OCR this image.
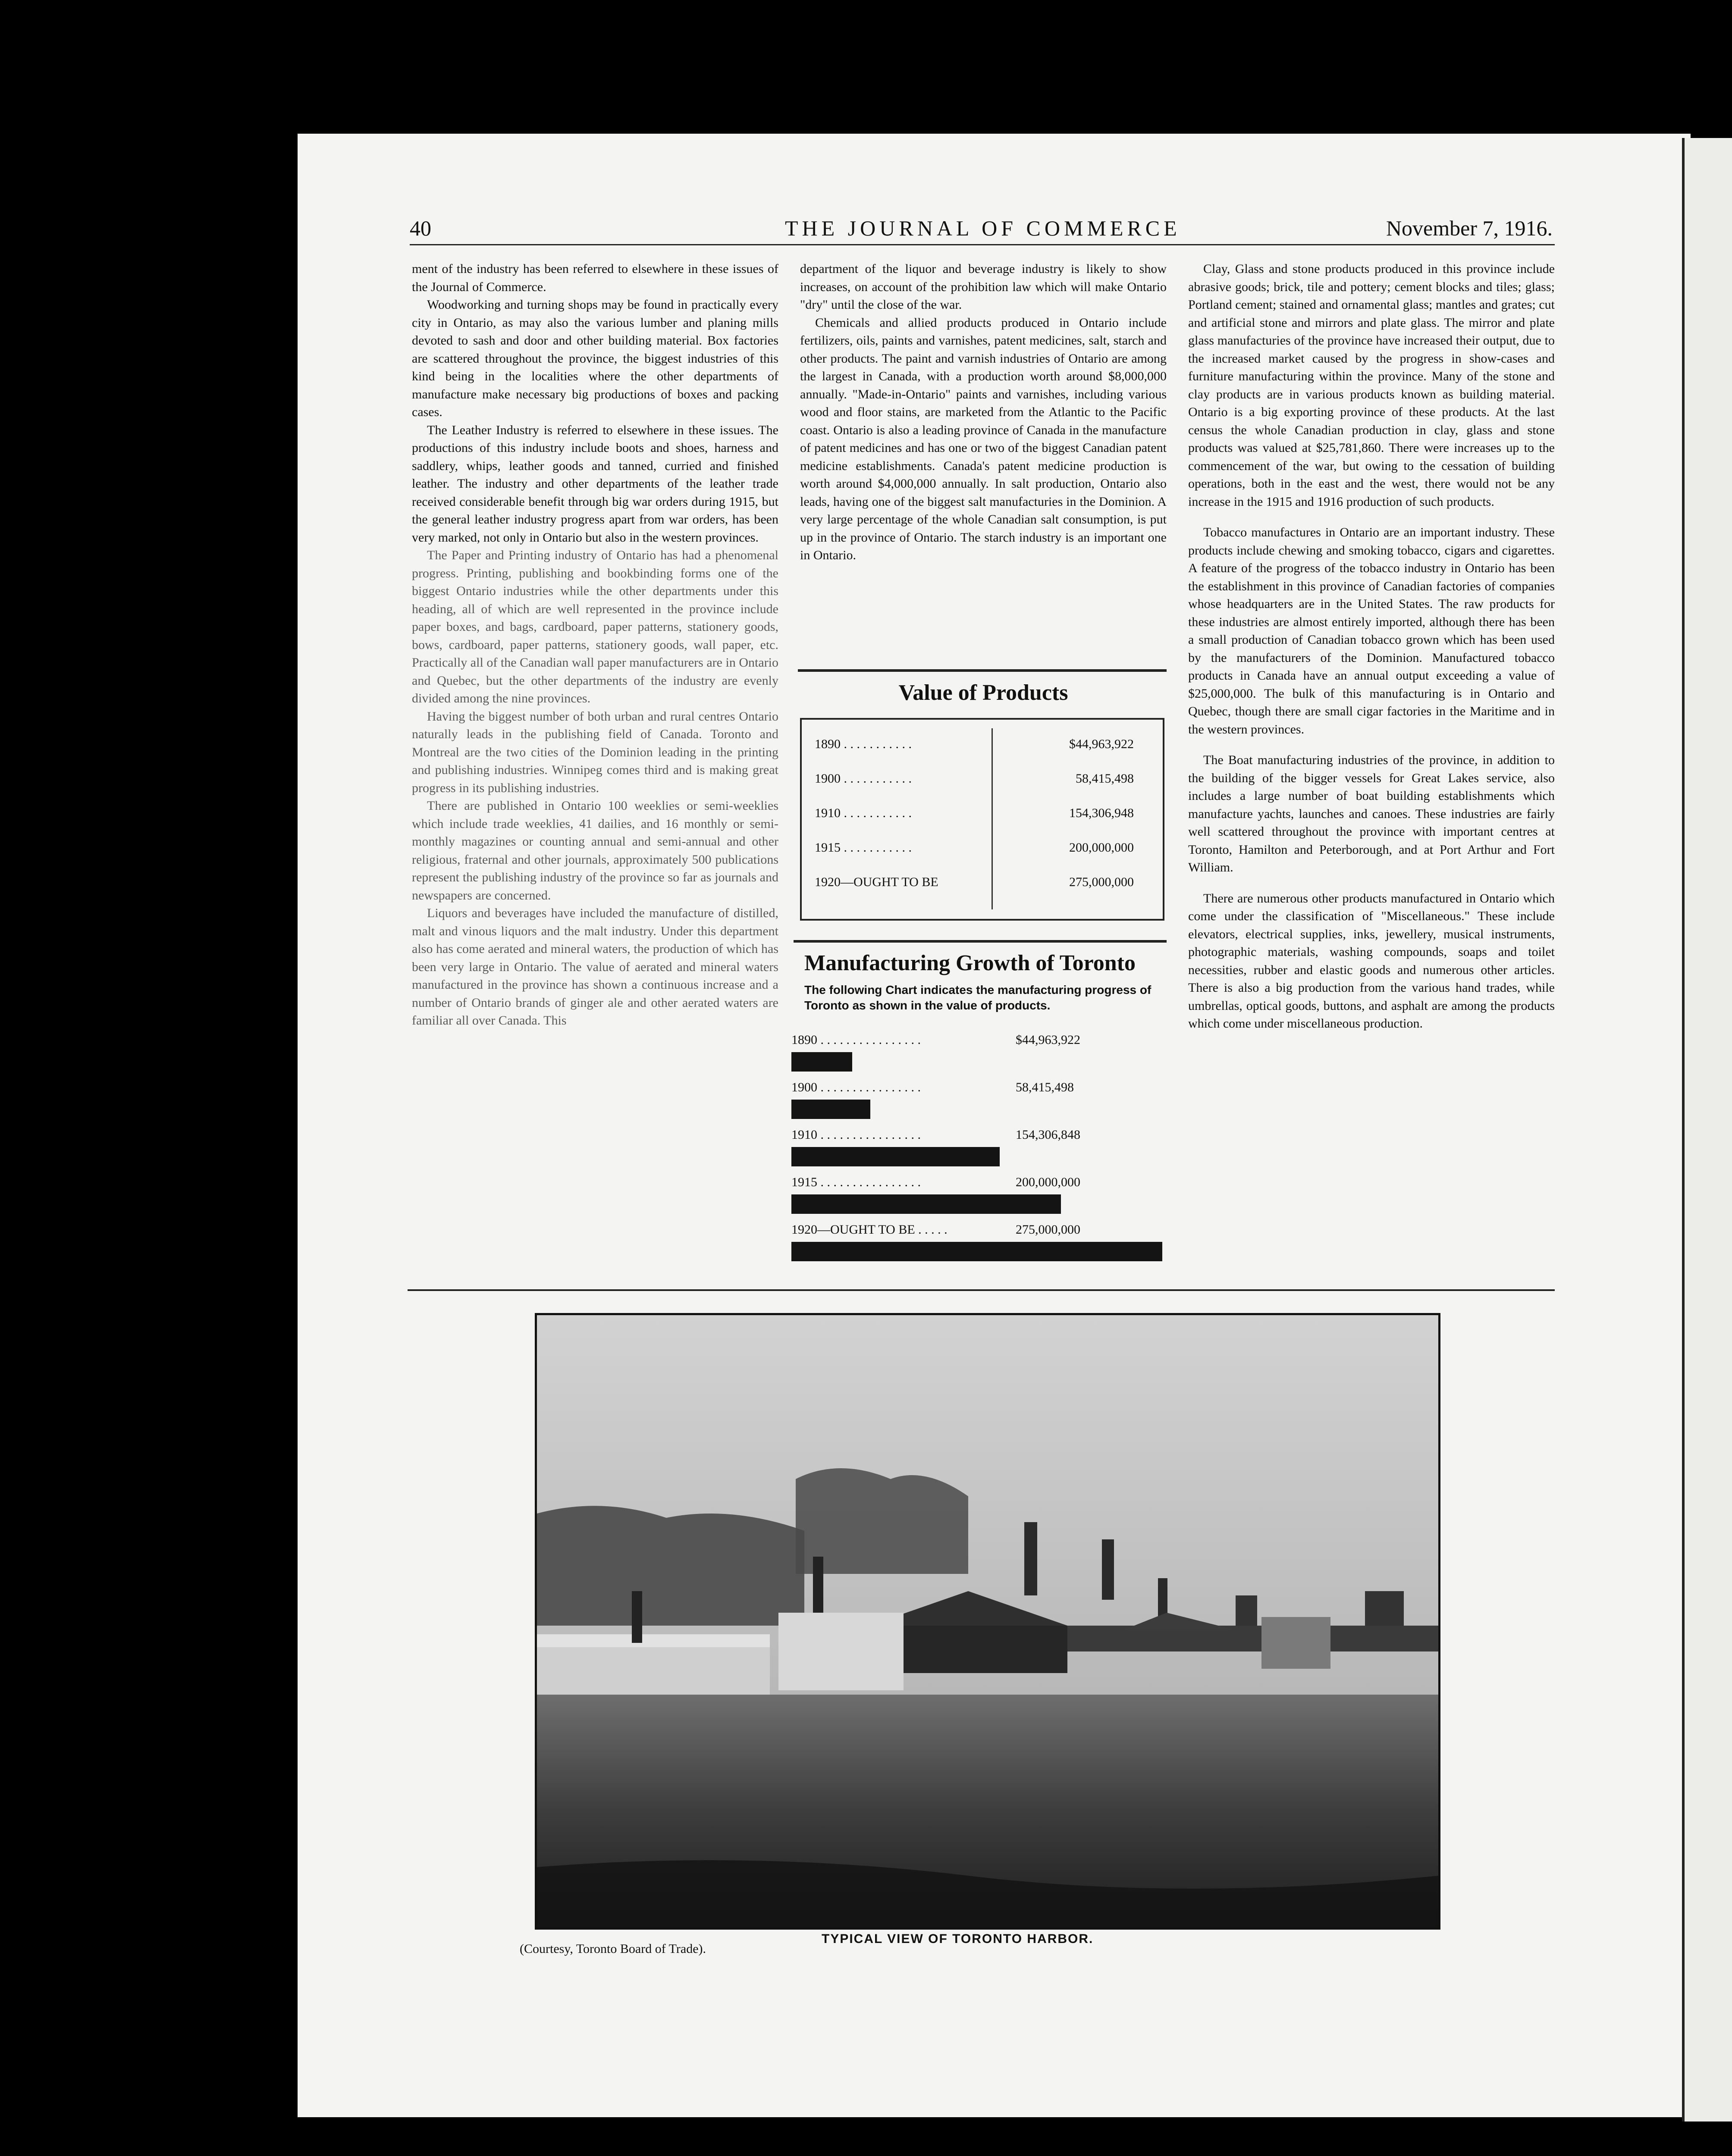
40	THE JOURNAL OF COMMERCE	November 7, 1916.

ment of the industry has been referred to elsewhere in these issues of the Journal of Commerce.

Woodworking and turning shops may be found in practically every city in Ontario, as may also the various lumber and planing mills devoted to sash and door and other building material. Box factories are scattered throughout the province, the biggest industries of this kind being in the localities where the other departments of manufacture make necessary big productions of boxes and packing cases.

The Leather Industry is referred to elsewhere in these issues. The productions of this industry include boots and shoes, harness and saddlery, whips, leather goods and tanned, curried and finished leather. The industry and other departments of the leather trade received considerable benefit through big war orders during 1915, but the general leather industry progress apart from war orders, has been very marked, not only in Ontario but also in the western provinces.

The Paper and Printing industry of Ontario has had a phenomenal progress. Printing, publishing and bookbinding forms one of the biggest Ontario industries while the other departments under this heading, all of which are well represented in the province include paper boxes, and bags, cardboard, paper patterns, stationery goods, bows, cardboard, paper patterns, stationery goods, wall paper, etc. Practically all of the Canadian wall paper manufacturers are in Ontario and Quebec, but the other departments of the industry are evenly divided among the nine provinces.

Having the biggest number of both urban and rural centres Ontario naturally leads in the publishing field of Canada. Toronto and Montreal are the two cities of the Dominion leading in the printing and publishing industries. Winnipeg comes third and is making great progress in its publishing industries.

There are published in Ontario 100 weeklies or semi-weeklies which include trade weeklies, 41 dailies, and 16 monthly or semi-monthly magazines or counting annual and semi-annual and other religious, fraternal and other journals, approximately 500 publications represent the publishing industry of the province so far as journals and newspapers are concerned.

Liquors and beverages have included the manufacture of distilled, malt and vinous liquors and the malt industry. Under this department also has come aerated and mineral waters, the production of which has been very large in Ontario. The value of aerated and mineral waters manufactured in the province has shown a continuous increase and a number of Ontario brands of ginger ale and other aerated waters are familiar all over Canada. This

department of the liquor and beverage industry is likely to show increases, on account of the prohibition law which will make Ontario "dry" until the close of the war.

Chemicals and allied products produced in Ontario include fertilizers, oils, paints and varnishes, patent medicines, salt, starch and other products. The paint and varnish industries of Ontario are among the largest in Canada, with a production worth around $8,000,000 annually. "Made-in-Ontario" paints and varnishes, including various wood and floor stains, are marketed from the Atlantic to the Pacific coast. Ontario is also a leading province of Canada in the manufacture of patent medicines and has one or two of the biggest Canadian patent medicine establishments. Canada's patent medicine production is worth around $4,000,000 annually. In salt production, Ontario also leads, having one of the biggest salt manufacturies in the Dominion. A very large percentage of the whole Canadian salt consumption, is put up in the province of Ontario. The starch industry is an important one in Ontario.

Clay, Glass and stone products produced in this province include abrasive goods; brick, tile and pottery; cement blocks and tiles; glass; Portland cement; stained and ornamental glass; mantles and grates; cut and artificial stone and mirrors and plate glass. The mirror and plate glass manufacturies of the province have increased their output, due to the increased market caused by the progress in show-cases and furniture manufacturing within the province. Many of the stone and clay products are in various products known as building material. Ontario is a big exporting province of these products. At the last census the whole Canadian production in clay, glass and stone products was valued at $25,781,860. There were increases up to the commencement of the war, but owing to the cessation of building operations, both in the east and the west, there would not be any increase in the 1915 and 1916 production of such products.

Tobacco manufactures in Ontario are an important industry. These products include chewing and smoking tobacco, cigars and cigarettes. A feature of the progress of the tobacco industry in Ontario has been the establishment in this province of Canadian factories of companies whose headquarters are in the United States. The raw products for these industries are almost entirely imported, although there has been a small production of Canadian tobacco grown which has been used by the manufacturers of the Dominion. Manufactured tobacco products in Canada have an annual output exceeding a value of $25,000,000. The bulk of this manufacturing is in Ontario and Quebec, though there are small cigar factories in the Maritime and in the western provinces.

The Boat manufacturing industries of the province, in addition to the building of the bigger vessels for Great Lakes service, also includes a large number of boat building establishments which manufacture yachts, launches and canoes. These industries are fairly well scattered throughout the province with important centres at Toronto, Hamilton and Peterborough, and at Port Arthur and Fort William.

There are numerous other products manufactured in Ontario which come under the classification of "Miscellaneous." These include elevators, electrical supplies, inks, jewellery, musical instruments, photographic materials, washing compounds, soaps and toilet necessities, rubber and elastic goods and numerous other articles. There is also a big production from the various hand trades, while umbrellas, optical goods, buttons, and asphalt are among the products which come under miscellaneous production.

Value of Products
1890 . . . . . . . . . . .	$44,963,922
1900 . . . . . . . . . . .	58,415,498
1910 . . . . . . . . . . .	154,306,948
1915 . . . . . . . . . . .	200,000,000
1920—OUGHT TO BE	275,000,000
Manufacturing Growth of Toronto
The following Chart indicates the manufacturing progress of Toronto as shown in the value of products.
1890 . . . . . . . . . . . . . . . .	$44,963,922
1900 . . . . . . . . . . . . . . . .	58,415,498
1910 . . . . . . . . . . . . . . . .	154,306,848
1915 . . . . . . . . . . . . . . . .	200,000,000
1920—OUGHT TO BE . . . . .	275,000,000
TYPICAL VIEW OF TORONTO HARBOR.
(Courtesy, Toronto Board of Trade).
